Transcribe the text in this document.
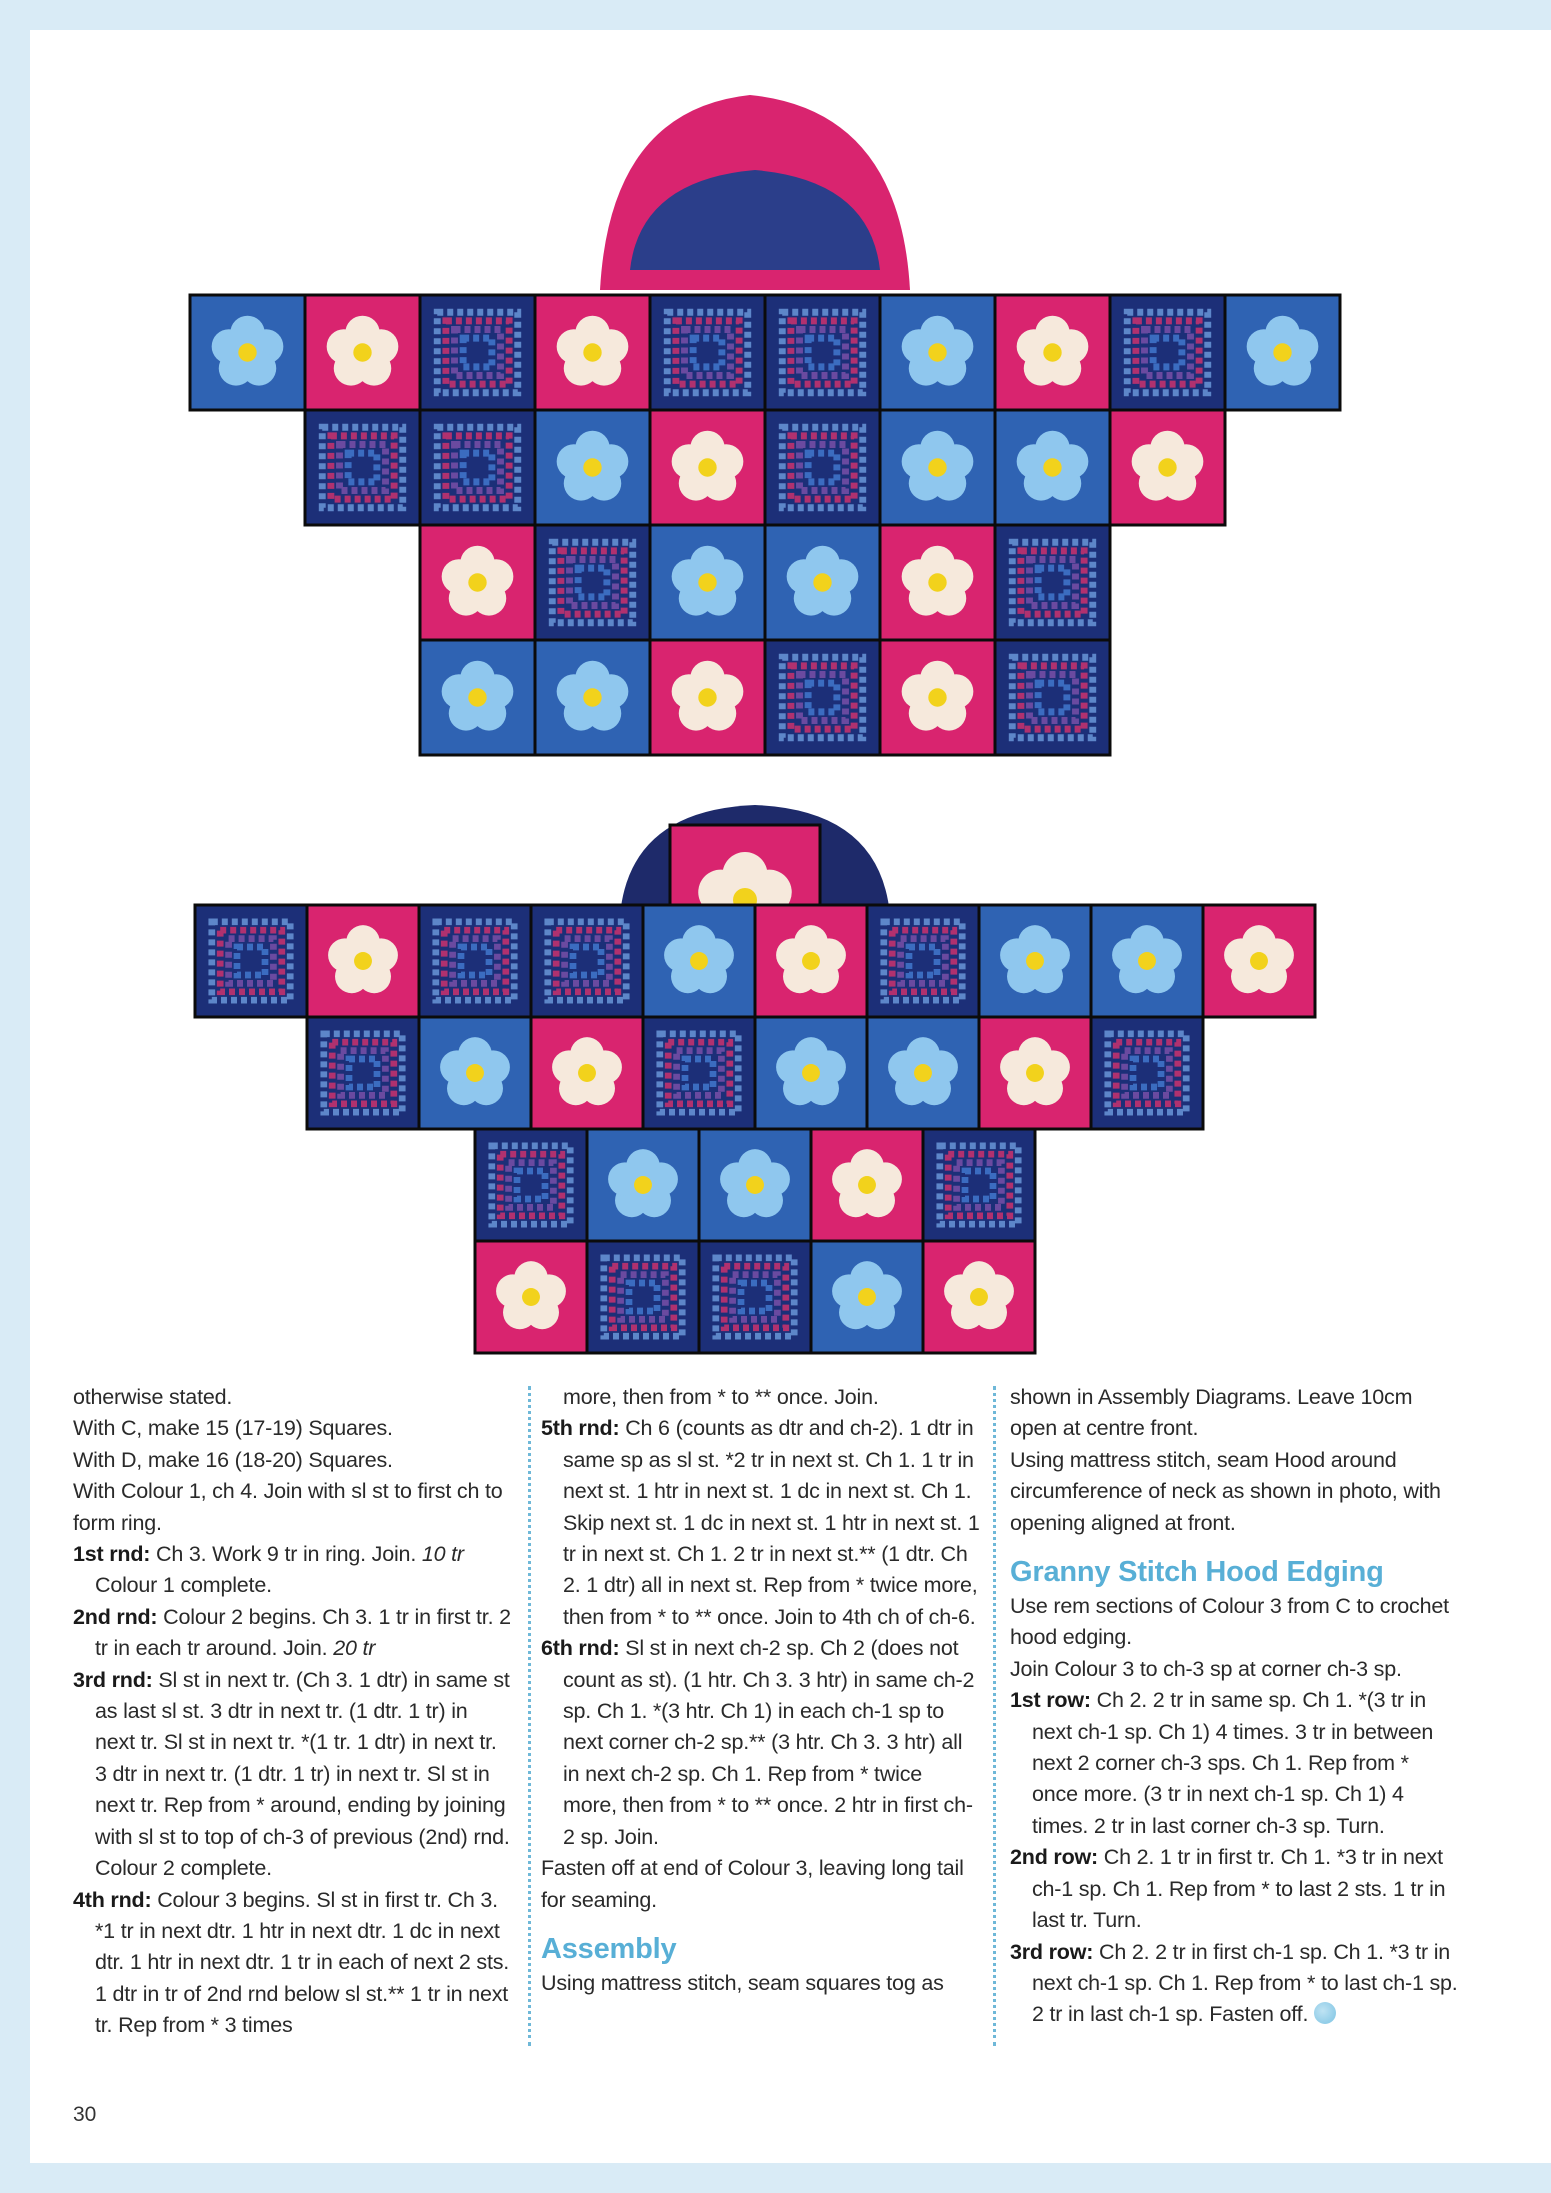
otherwise stated.

With C, make 15 (17-19) Squares.

With D, make 16 (18-20) Squares.

With Colour 1, ch 4. Join with sl st to first ch to form ring.

1st rnd: Ch 3. Work 9 tr in ring. Join. 10 tr
Colour 1 complete.

2nd rnd: Colour 2 begins. Ch 3. 1 tr in first tr. 2 tr in each tr around. Join. 20 tr

3rd rnd: Sl st in next tr. (Ch 3. 1 dtr) in same st as last sl st. 3 dtr in next tr. (1 dtr. 1 tr) in next tr. Sl st in next tr. *(1 tr. 1 dtr) in next tr. 3 dtr in next tr. (1 dtr. 1 tr) in next tr. Sl st in next tr. Rep from * around, ending by joining with sl st to top of ch-3 of previous (2nd) rnd. Colour 2 complete.

4th rnd: Colour 3 begins. Sl st in first tr. Ch 3. *1 tr in next dtr. 1 htr in next dtr. 1 dc in next dtr. 1 htr in next dtr. 1 tr in each of next 2 sts. 1 dtr in tr of 2nd rnd below sl st.** 1 tr in next tr. Rep from * 3 times

more, then from * to ** once. Join.

5th rnd: Ch 6 (counts as dtr and ch-2). 1 dtr in same sp as sl st. *2 tr in next st. Ch 1. 1 tr in next st. 1 htr in next st. 1 dc in next st. Ch 1. Skip next st. 1 dc in next st. 1 htr in next st. 1 tr in next st. Ch 1. 2 tr in next st.** (1 dtr. Ch 2. 1 dtr) all in next st. Rep from * twice more, then from * to ** once. Join to 4th ch of ch-6.

6th rnd: Sl st in next ch-2 sp. Ch 2 (does not count as st). (1 htr. Ch 3. 3 htr) in same ch-2 sp. Ch 1. *(3 htr. Ch 1) in each ch-1 sp to next corner ch-2 sp.** (3 htr. Ch 3. 3 htr) all in next ch-2 sp. Ch 1. Rep from * twice more, then from * to ** once. 2 htr in first ch-2 sp. Join.

Fasten off at end of Colour 3, leaving long tail for seaming.

Assembly

Using mattress stitch, seam squares tog as

shown in Assembly Diagrams. Leave 10cm open at centre front.

Using mattress stitch, seam Hood around circumference of neck as shown in photo, with opening aligned at front.

Granny Stitch Hood Edging

Use rem sections of Colour 3 from C to crochet hood edging.

Join Colour 3 to ch-3 sp at corner ch-3 sp.

1st row: Ch 2. 2 tr in same sp. Ch 1. *(3 tr in next ch-1 sp. Ch 1) 4 times. 3 tr in between next 2 corner ch-3 sps. Ch 1. Rep from * once more. (3 tr in next ch-1 sp. Ch 1) 4 times. 2 tr in last corner ch-3 sp. Turn.

2nd row: Ch 2. 1 tr in first tr. Ch 1. *3 tr in next ch-1 sp. Ch 1. Rep from * to last 2 sts. 1 tr in last tr. Turn.

3rd row: Ch 2. 2 tr in first ch-1 sp. Ch 1. *3 tr in next ch-1 sp. Ch 1. Rep from * to last ch-1 sp. 2 tr in last ch-1 sp. Fasten off.

30
